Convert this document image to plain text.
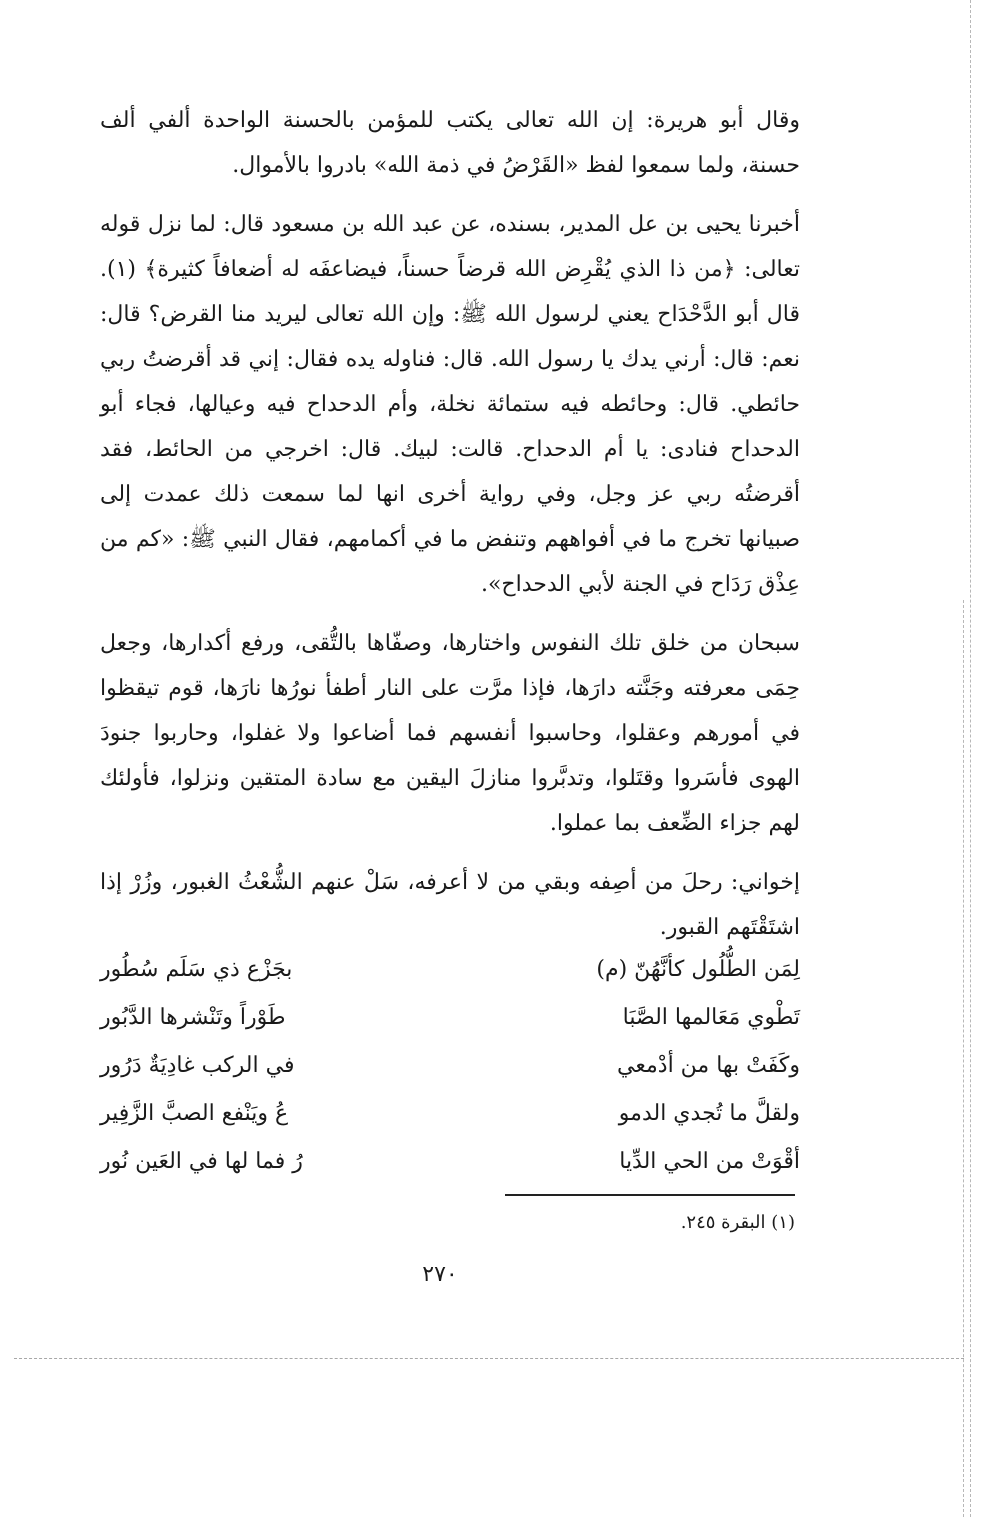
وقال أبو هريرة: إن الله تعالى يكتب للمؤمن بالحسنة الواحدة ألفي ألف حسنة، ولما سمعوا لفظ «القَرْضُ في ذمة الله» بادروا بالأموال.

أخبرنا يحيى بن عل المدير، بسنده، عن عبد الله بن مسعود قال: لما نزل قوله تعالى: ﴿من ذا الذي يُقْرِض الله قرضاً حسناً، فيضاعفَه له أضعافاً كثيرة﴾ (١). قال أبو الدَّحْدَاح يعني لرسول الله ﷺ: وإن الله تعالى ليريد منا القرض؟ قال: نعم: قال: أرني يدك يا رسول الله. قال: فناوله يده فقال: إني قد أقرضتُ ربي حائطي. قال: وحائطه فيه ستمائة نخلة، وأم الدحداح فيه وعيالها، فجاء أبو الدحداح فنادى: يا أم الدحداح. قالت: لبيك. قال: اخرجي من الحائط، فقد أقرضتُه ربي عز وجل، وفي رواية أخرى انها لما سمعت ذلك عمدت إلى صبيانها تخرج ما في أفواههم وتنفض ما في أكمامهم، فقال النبي ﷺ: «كم من عِذْق رَدَاح في الجنة لأبي الدحداح».

سبحان من خلق تلك النفوس واختارها، وصفّاها بالتُّقى، ورفع أكدارها، وجعل حِمَى معرفته وجَنَّته دارَها، فإذا مرَّت على النار أطفأ نورُها نارَها، قوم تيقظوا في أمورهم وعقلوا، وحاسبوا أنفسهم فما أضاعوا ولا غفلوا، وحاربوا جنودَ الهوى فأسَروا وقتَلوا، وتدبَّروا منازلَ اليقين مع سادة المتقين ونزلوا، فأولئك لهم جزاء الضِّعف بما عملوا.

إخواني: رحلَ من أصِفه وبقي من لا أعرفه، سَلْ عنهم الشُّعْثُ الغبور، وزُرْ إذا اشتَقْتَهم القبور.

لِمَن الطُّلُول كأنَّهُنّ (م)
بجَزْع ذي سَلَم سُطُور
تَطْوي مَعَالمها الصَّبَا
طَوْراً وتَنْشرها الدَّبُور
وكَفَتْ بها من أدْمعي
في الركب غادِيَةٌ دَرُور
ولقلَّ ما تُجدي الدمو
عُ ويَنْفع الصبَّ الزَّفِير
أقْوَتْ من الحي الدِّيا
رُ فما لها في العَين نُور
(١) البقرة ٢٤٥.
٢٧٠
